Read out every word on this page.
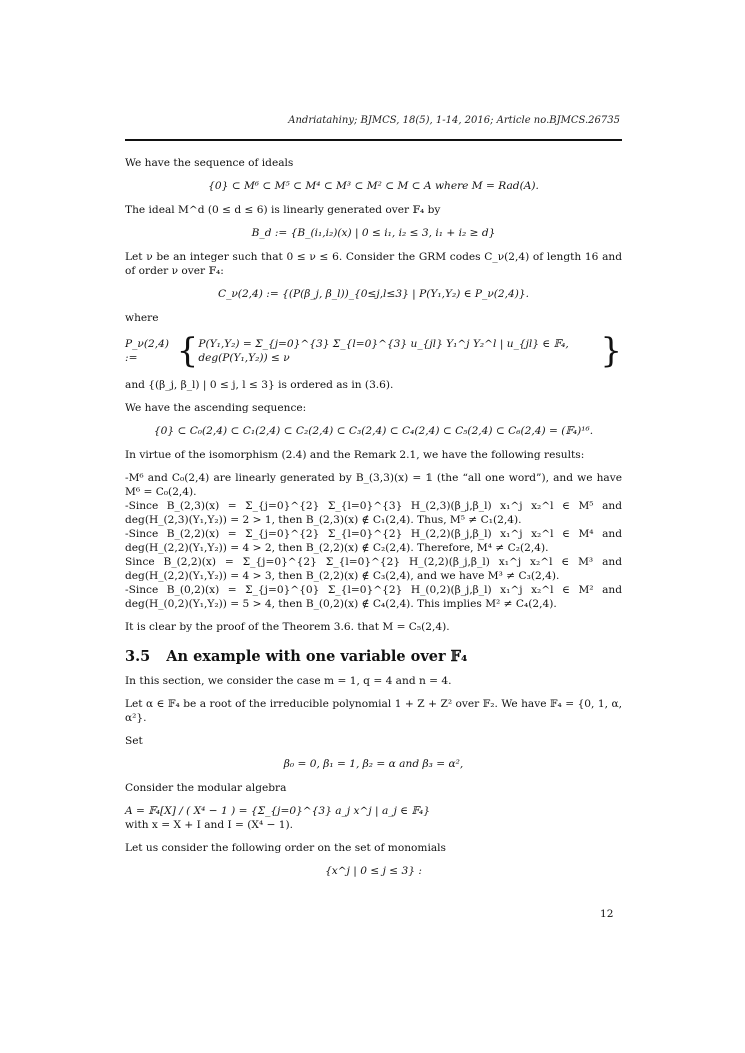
Andriatahiny; BJMCS, 18(5), 1-14, 2016; Article no.BJMCS.26735

We have the sequence of ideals

{0} ⊂ M⁶ ⊂ M⁵ ⊂ M⁴ ⊂ M³ ⊂ M² ⊂ M ⊂ A where M = Rad(A).

The ideal M^d (0 ≤ d ≤ 6) is linearly generated over 𝔽₄ by

B_d := {B_(i₁,i₂)(x) | 0 ≤ i₁, i₂ ≤ 3, i₁ + i₂ ≥ d}

Let ν be an integer such that 0 ≤ ν ≤ 6. Consider the GRM codes C_ν(2,4) of length 16 and of order ν over 𝔽₄:

C_ν(2,4) := {(P(β_j, β_l))_{0≤j,l≤3} | P(Y₁,Y₂) ∈ P_ν(2,4)}.

where

P_ν(2,4) :=	{ P(Y₁,Y₂) = Σ_{j=0}^{3} Σ_{l=0}^{3} u_{jl} Y₁^j Y₂^l | u_{jl} ∈ 𝔽₄, deg(P(Y₁,Y₂)) ≤ ν	}

and {(β_j, β_l) | 0 ≤ j, l ≤ 3} is ordered as in (3.6).

We have the ascending sequence:

{0} ⊂ C₀(2,4) ⊂ C₁(2,4) ⊂ C₂(2,4) ⊂ C₃(2,4) ⊂ C₄(2,4) ⊂ C₅(2,4) ⊂ C₆(2,4) = (𝔽₄)¹⁶.

In virtue of the isomorphism (2.4) and the Remark 2.1, we have the following results:

-M⁶ and C₀(2,4) are linearly generated by B_(3,3)(x) = 𝟙 (the “all one word”), and we have M⁶ = C₀(2,4).

-Since B_(2,3)(x) = Σ_{j=0}^{2} Σ_{l=0}^{3} H_(2,3)(β_j,β_l) x₁^j x₂^l ∈ M⁵ and deg(H_(2,3)(Y₁,Y₂)) = 2 > 1, then B_(2,3)(x) ∉ C₁(2,4). Thus, M⁵ ≠ C₁(2,4).

-Since B_(2,2)(x) = Σ_{j=0}^{2} Σ_{l=0}^{2} H_(2,2)(β_j,β_l) x₁^j x₂^l ∈ M⁴ and deg(H_(2,2)(Y₁,Y₂)) = 4 > 2, then B_(2,2)(x) ∉ C₂(2,4). Therefore, M⁴ ≠ C₂(2,4).

Since B_(2,2)(x) = Σ_{j=0}^{2} Σ_{l=0}^{2} H_(2,2)(β_j,β_l) x₁^j x₂^l ∈ M³ and deg(H_(2,2)(Y₁,Y₂)) = 4 > 3, then B_(2,2)(x) ∉ C₃(2,4), and we have M³ ≠ C₃(2,4).

-Since B_(0,2)(x) = Σ_{j=0}^{0} Σ_{l=0}^{2} H_(0,2)(β_j,β_l) x₁^j x₂^l ∈ M² and deg(H_(0,2)(Y₁,Y₂)) = 5 > 4, then B_(0,2)(x) ∉ C₄(2,4). This implies M² ≠ C₄(2,4).

It is clear by the proof of the Theorem 3.6. that M = C₅(2,4).

3.5 An example with one variable over 𝔽₄

In this section, we consider the case m = 1, q = 4 and n = 4.

Let α ∈ 𝔽₄ be a root of the irreducible polynomial 1 + Z + Z² over 𝔽₂. We have 𝔽₄ = {0, 1, α, α²}.

Set

β₀ = 0, β₁ = 1, β₂ = α and β₃ = α²,

Consider the modular algebra

A = 𝔽₄[X] / ( X⁴ − 1 ) = {Σ_{j=0}^{3} a_j x^j | a_j ∈ 𝔽₄}

with x = X + I and I = (X⁴ − 1).

Let us consider the following order on the set of monomials

{x^j | 0 ≤ j ≤ 3} :

12
